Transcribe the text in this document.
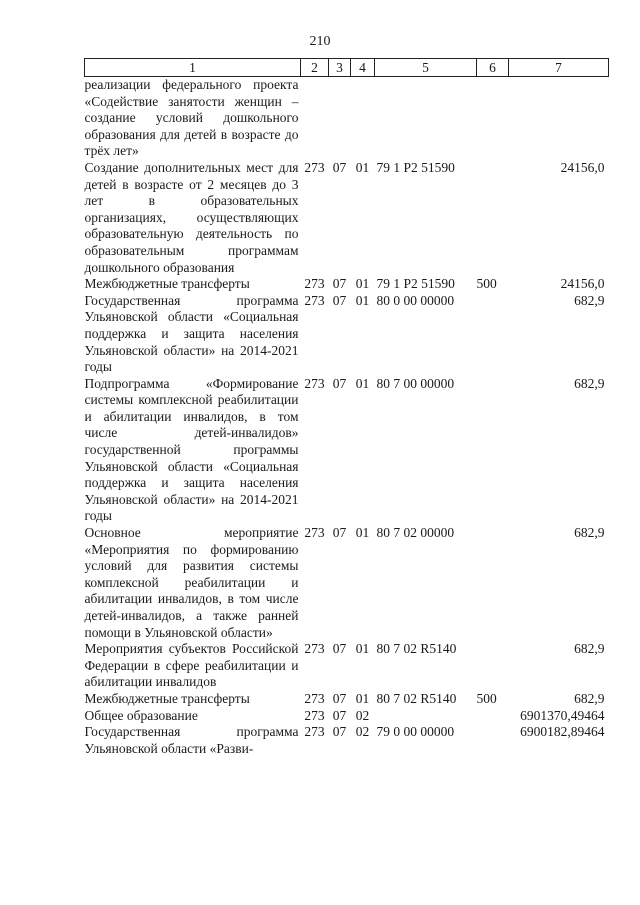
210
1	2	3	4	5	6	7
реализации федерального проекта «Содействие занятости женщин – создание условий дошкольного образования для детей в возрасте до трёх лет»						
Создание дополнительных мест для детей в возрасте от 2 месяцев до 3 лет в образовательных организациях, осуществляющих образовательную деятельность по образовательным программам дошкольного образования	273	07	01	79 1 P2 51590		24156,0
Межбюджетные трансферты	273	07	01	79 1 P2 51590	500	24156,0
Государственная программа Ульяновской области «Социальная поддержка и защита населения Ульяновской области» на 2014-2021 годы	273	07	01	80 0 00 00000		682,9
Подпрограмма «Формирование системы комплексной реабилитации и абилитации инвалидов, в том числе детей-инвалидов» государственной программы Ульяновской области «Социальная поддержка и защита населения Ульяновской области» на 2014-2021 годы	273	07	01	80 7 00 00000		682,9
Основное мероприятие «Мероприятия по формированию условий для развития системы комплексной реабилитации и абилитации инвалидов, в том числе детей-инвалидов, а также ранней помощи в Ульяновской области»	273	07	01	80 7 02 00000		682,9
Мероприятия субъектов Российской Федерации в сфере реабилитации и абилитации инвалидов	273	07	01	80 7 02 R5140		682,9
Межбюджетные трансферты	273	07	01	80 7 02 R5140	500	682,9
Общее образование	273	07	02			6901370,49464
Государственная программа Ульяновской области «Разви-	273	07	02	79 0 00 00000		6900182,89464
